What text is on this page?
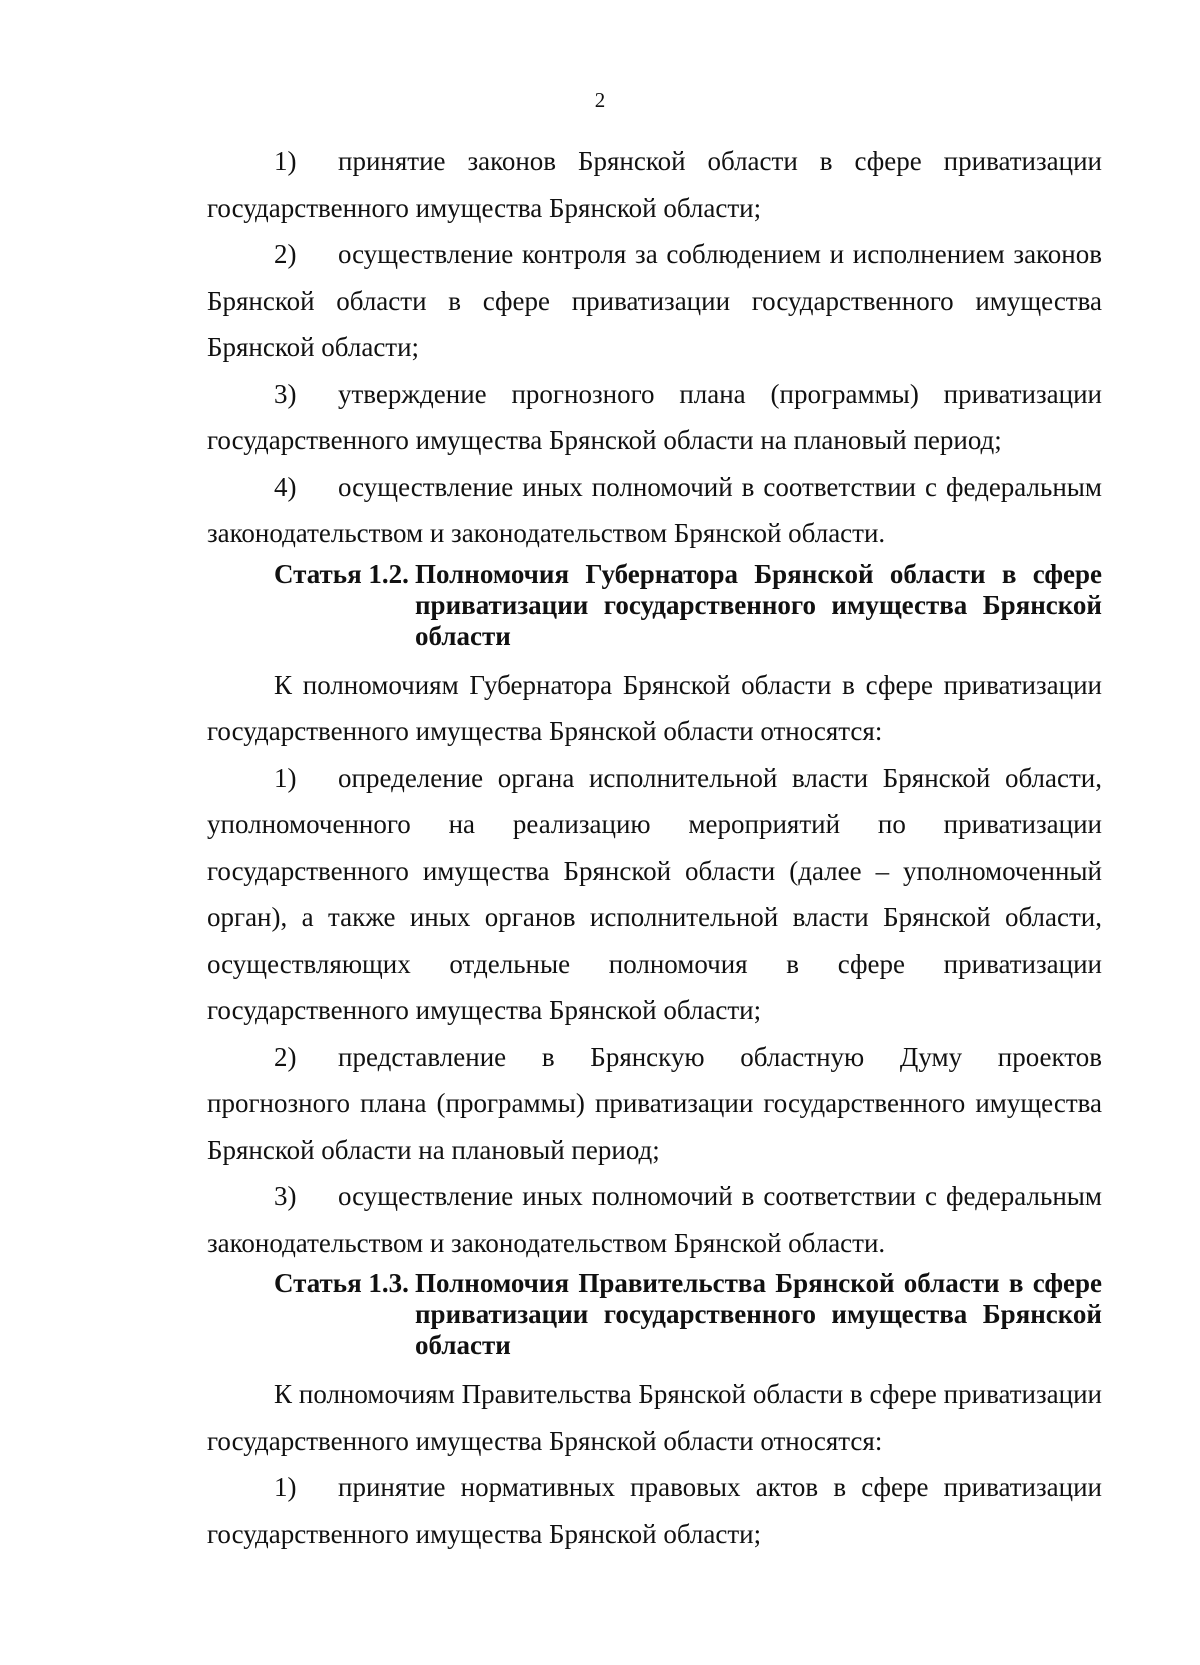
2
1)	принятие законов Брянской области в сфере приватизации
государственного имущества Брянской области;
2)	осуществление контроля за соблюдением и исполнением законов
Брянской области в сфере приватизации государственного имущества Брянской области;
3)	утверждение прогнозного плана (программы) приватизации
государственного имущества Брянской области на плановый период;
4)	осуществление иных полномочий в соответствии с федеральным
законодательством и законодательством Брянской области.
Статья 1.2. Полномочия Губернатора Брянской области в сфере приватизации государственного имущества Брянской области
К полномочиям Губернатора Брянской области в сфере приватизации государственного имущества Брянской области относятся:
1)	определение органа исполнительной власти Брянской области,
уполномоченного на реализацию мероприятий по приватизации государственного имущества Брянской области (далее – уполномоченный орган), а также иных органов исполнительной власти Брянской области, осуществляющих отдельные полномочия в сфере приватизации государственного имущества Брянской области;
2)	представление в Брянскую областную Думу проектов
прогнозного плана (программы) приватизации государственного имущества Брянской области на плановый период;
3)	осуществление иных полномочий в соответствии с федеральным
законодательством и законодательством Брянской области.
Статья 1.3. Полномочия Правительства Брянской области в сфере приватизации государственного имущества Брянской области
К полномочиям Правительства Брянской области в сфере приватизации государственного имущества Брянской области относятся:
1)	принятие нормативных правовых актов в сфере приватизации
государственного имущества Брянской области;
